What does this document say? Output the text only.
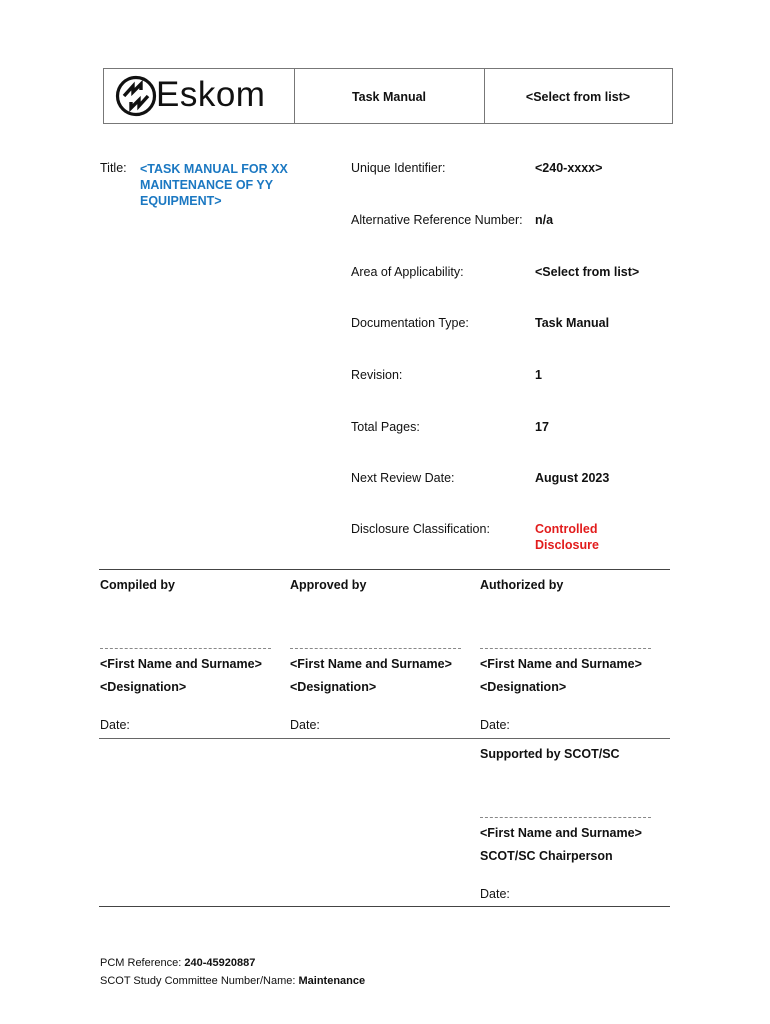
Eskom	Task Manual	<Select from list>
Title: <TASK MANUAL FOR XX MAINTENANCE OF YY EQUIPMENT>
Unique Identifier:	<240-xxxx>
Alternative Reference Number: n/a
Area of Applicability:	<Select from list>
Documentation Type:	Task Manual
Revision:	1
Total Pages:	17
Next Review Date:	August 2023
Disclosure Classification:	Controlled
Disclosure
Compiled by	Approved by	Authorized by
<First Name and Surname> <First Name and Surname> <First Name and Surname>
<Designation>	<Designation>	<Designation>
Date:	Date:	Date:
Supported by SCOT/SC
<First Name and Surname>
SCOT/SC Chairperson
Date:
PCM Reference: 240-45920887
SCOT Study Committee Number/Name: Maintenance
